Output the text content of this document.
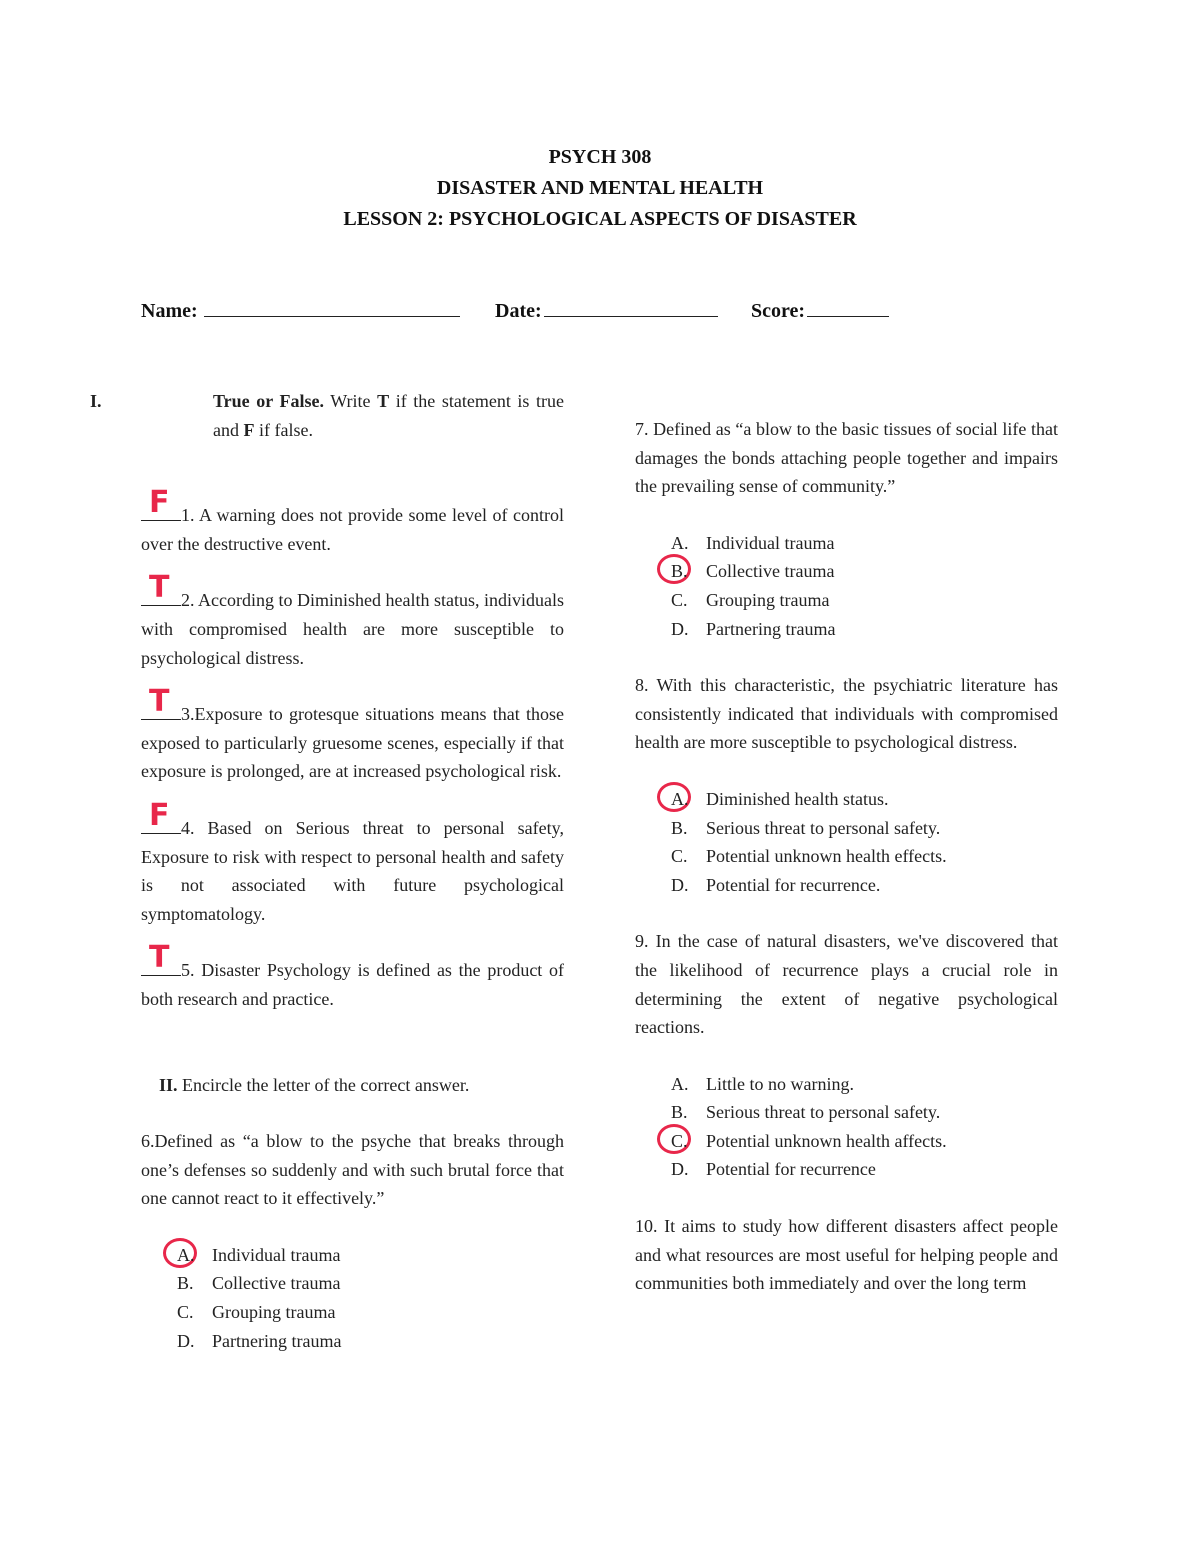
PSYCH 308
DISASTER AND MENTAL HEALTH
LESSON 2: PSYCHOLOGICAL ASPECTS OF DISASTER
Name:	Date:	Score:

I.	True or False. Write T if the statement is true and F if false.

F 1. A warning does not provide some level of control over the destructive event.

T 2. According to Diminished health status, individuals with compromised health are more susceptible to psychological distress.

T 3.Exposure to grotesque situations means that those exposed to particularly gruesome scenes, especially if that exposure is prolonged, are at increased psychological risk.

F 4. Based on Serious threat to personal safety, Exposure to risk with respect to personal health and safety is not associated with future psychological symptomatology.

T 5. Disaster Psychology is defined as the product of both research and practice.

II. Encircle the letter of the correct answer.

6.Defined as “a blow to the psyche that breaks through one’s defenses so suddenly and with such brutal force that one cannot react to it effectively.”

A. Individual trauma
B. Collective trauma
C. Grouping trauma
D. Partnering trauma

7. Defined as “a blow to the basic tissues of social life that damages the bonds attaching people together and impairs the prevailing sense of community.”

A. Individual trauma
B. Collective trauma
C. Grouping trauma
D. Partnering trauma

8. With this characteristic, the psychiatric literature has consistently indicated that individuals with compromised health are more susceptible to psychological distress.

A. Diminished health status.
B. Serious threat to personal safety.
C. Potential unknown health effects.
D. Potential for recurrence.

9. In the case of natural disasters, we've discovered that the likelihood of recurrence plays a crucial role in determining the extent of negative psychological reactions.

A. Little to no warning.
B. Serious threat to personal safety.
C. Potential unknown health affects.
D. Potential for recurrence

10. It aims to study how different disasters affect people and what resources are most useful for helping people and communities both immediately and over the long term
